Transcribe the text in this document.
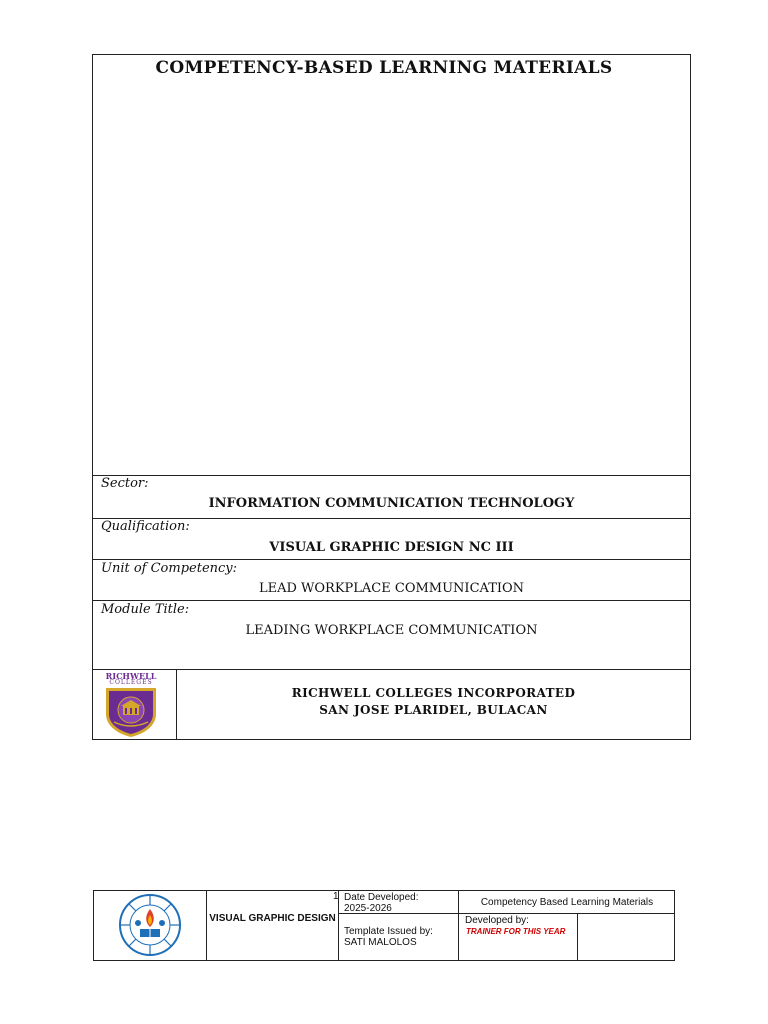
COMPETENCY-BASED LEARNING MATERIALS
Sector:
INFORMATION COMMUNICATION TECHNOLOGY
Qualification:
VISUAL GRAPHIC DESIGN NC III
Unit of Competency:
LEAD WORKPLACE COMMUNICATION
Module Title:
LEADING WORKPLACE COMMUNICATION
RICHWELL
COLLEGES
RICHWELL COLLEGES INCORPORATED
SAN JOSE PLARIDEL, BULACAN
VISUAL GRAPHIC DESIGN
1 Date Developed:
2025-2026
Template Issued by:
SATI MALOLOS
Competency Based Learning Materials
Developed by:
TRAINER FOR THIS YEAR
